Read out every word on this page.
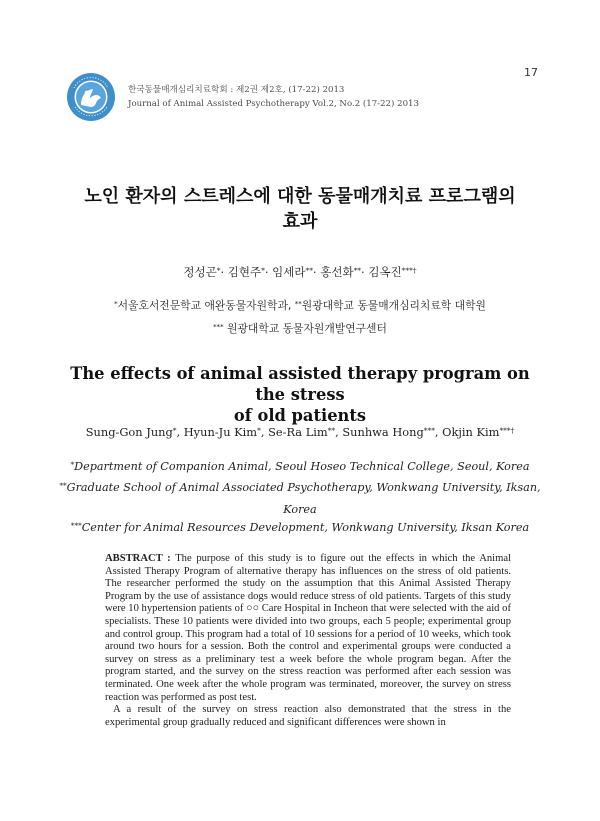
17
한국동물매개심리치료학회 : 제2권 제2호, (17-22) 2013
Journal of Animal Assisted Psychotherapy Vol.2, No.2 (17-22) 2013
노인 환자의 스트레스에 대한 동물매개치료 프로그램의
효과
정성곤*· 김현주*· 임세라**· 홍선화**· 김옥진***†
*서울호서전문학교 애완동물자원학과, **원광대학교 동물매개심리치료학 대학원
*** 원광대학교 동물자원개발연구센터
The effects of animal assisted therapy program on the stress
of old patients
Sung-Gon Jung*, Hyun-Ju Kim*, Se-Ra Lim**, Sunhwa Hong***, Okjin Kim***†
*Department of Companion Animal, Seoul Hoseo Technical College, Seoul, Korea
**Graduate School of Animal Associated Psychotherapy, Wonkwang University, Iksan,
Korea
***Center for Animal Resources Development, Wonkwang University, Iksan Korea

ABSTRACT : The purpose of this study is to figure out the effects in which the Animal Assisted Therapy Program of alternative therapy has influences on the stress of old patients. The researcher performed the study on the assumption that this Animal Assisted Therapy Program by the use of assistance dogs would reduce stress of old patients. Targets of this study were 10 hypertension patients of ○○ Care Hospital in Incheon that were selected with the aid of specialists. These 10 patients were divided into two groups, each 5 people; experimental group and control group. This program had a total of 10 sessions for a period of 10 weeks, which took around two hours for a session. Both the control and experimental groups were conducted a survey on stress as a preliminary test a week before the whole program began. After the program started, and the survey on the stress reaction was performed after each session was terminated. One week after the whole program was terminated, moreover, the survey on stress reaction was performed as post test.

A a result of the survey on stress reaction also demonstrated that the stress in the experimental group gradually reduced and significant differences were shown in
